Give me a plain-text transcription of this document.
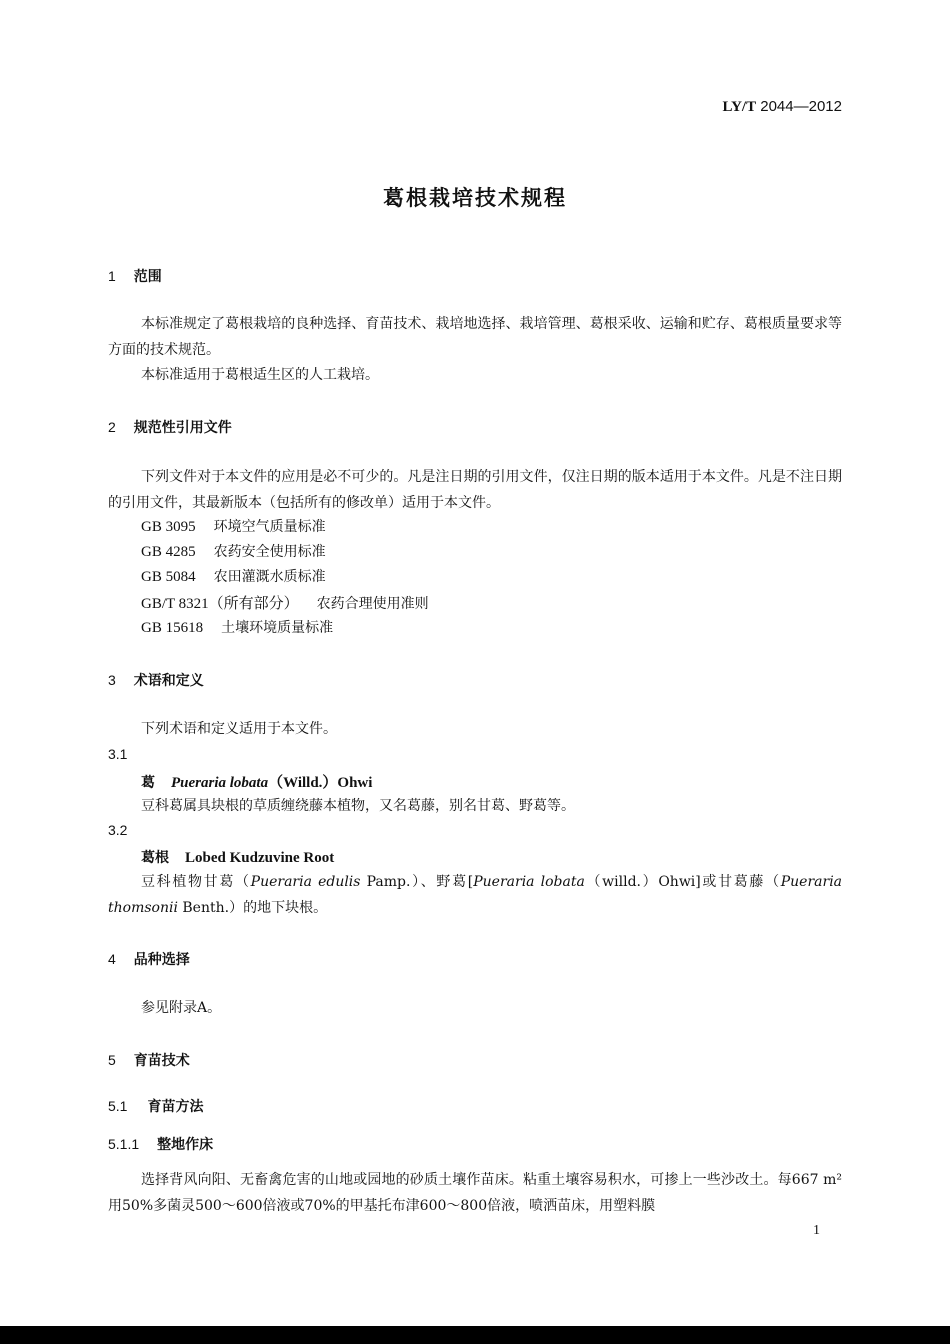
LY/T 2044—2012
葛根栽培技术规程
1 范围
本标准规定了葛根栽培的良种选择、育苗技术、栽培地选择、栽培管理、葛根采收、运输和贮存、葛根质量要求等方面的技术规范。
本标准适用于葛根适生区的人工栽培。
2 规范性引用文件
下列文件对于本文件的应用是必不可少的。凡是注日期的引用文件，仅注日期的版本适用于本文件。凡是不注日期的引用文件，其最新版本（包括所有的修改单）适用于本文件。
GB 3095 环境空气质量标准
GB 4285 农药安全使用标准
GB 5084 农田灌溉水质标准
GB/T 8321（所有部分） 农药合理使用准则
GB 15618 土壤环境质量标准
3 术语和定义
下列术语和定义适用于本文件。
3.1
葛 Pueraria lobata（Willd.）Ohwi
豆科葛属具块根的草质缠绕藤本植物，又名葛藤，别名甘葛、野葛等。
3.2
葛根 Lobed Kudzuvine Root
豆科植物甘葛（Pueraria edulis Pamp.）、野葛[Pueraria lobata（willd.）Ohwi]或甘葛藤（Pueraria thomsonii Benth.）的地下块根。
4 品种选择
参见附录A。
5 育苗技术
5.1 育苗方法
5.1.1 整地作床
选择背风向阳、无畜禽危害的山地或园地的砂质土壤作苗床。粘重土壤容易积水，可掺上一些沙改土。每667 m² 用50%多菌灵500～600倍液或70%的甲基托布津600～800倍液，喷洒苗床，用塑料膜
1
